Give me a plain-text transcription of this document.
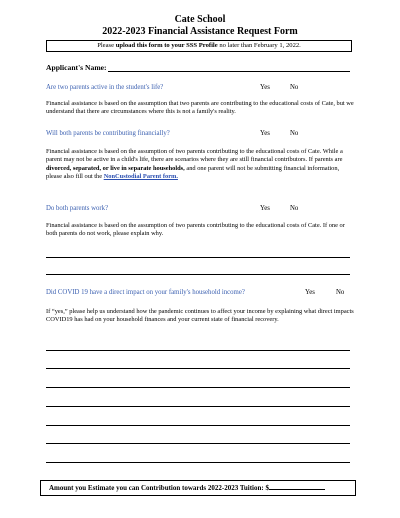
Cate School
2022-2023 Financial Assistance Request Form
Please upload this form to your SSS Profile no later than February 1, 2022.
Applicant's Name:
Are two parents active in the student's life?	Yes	No
Financial assistance is based on the assumption that two parents are contributing to the educational costs of Cate, but we understand that there are circumstances where this is not a family's reality.
Will both parents be contributing financially?	Yes	No
Financial assistance is based on the assumption of two parents contributing to the educational costs of Cate. While a parent may not be active in a child's life, there are scenarios where they are still financial contributors. If parents are divorced, separated, or live in separate households, and one parent will not be submitting financial information, please also fill out the NonCustodial Parent form.
Do both parents work?	Yes	No
Financial assistance is based on the assumption of two parents contributing to the educational costs of Cate. If one or both parents do not work, please explain why.
Did COVID 19 have a direct impact on your family's household income?	Yes	No
If “yes,” please help us understand how the pandemic continues to affect your income by explaining what direct impacts COVID19 has had on your household finances and your current state of financial recovery.
Amount you Estimate you can Contribution towards 2022-2023 Tuition: $
